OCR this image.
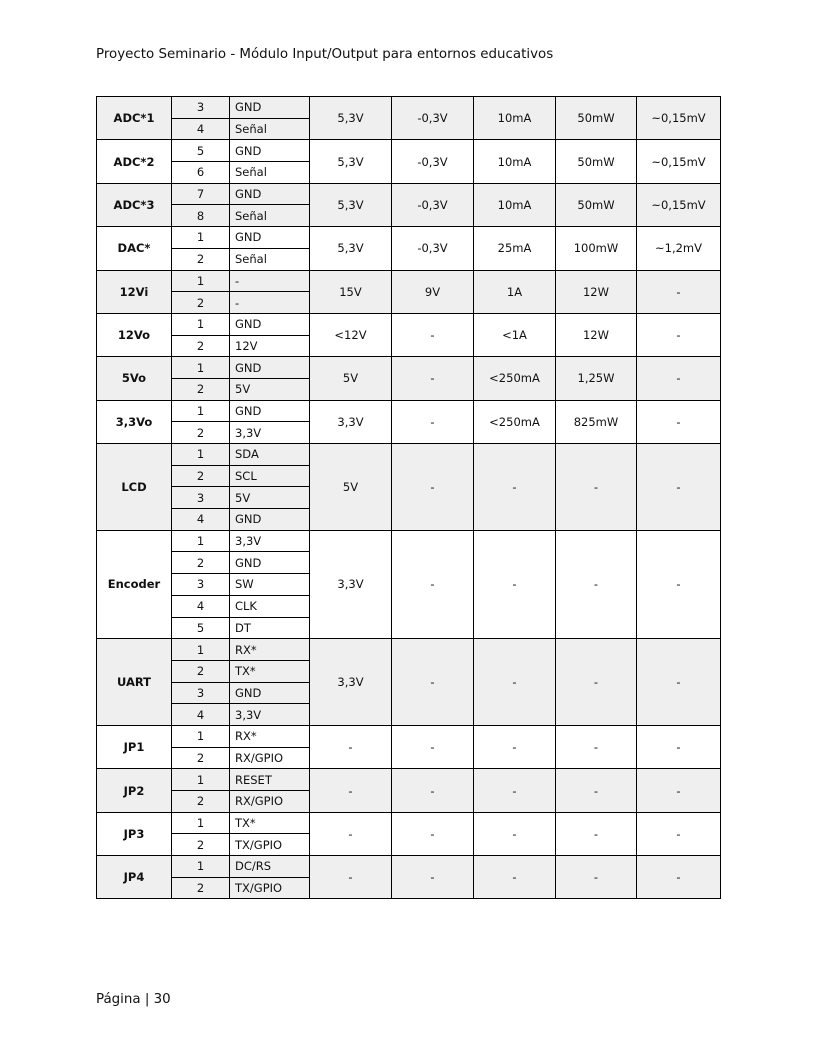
Proyecto Seminario - Módulo Input/Output para entornos educativos
ADC*1	3	GND	5,3V	-0,3V	10mA	50mW	~0,15mV
	4	Señal					
ADC*2	5	GND	5,3V	-0,3V	10mA	50mW	~0,15mV
	6	Señal					
ADC*3	7	GND	5,3V	-0,3V	10mA	50mW	~0,15mV
	8	Señal					
DAC*	1	GND	5,3V	-0,3V	25mA	100mW	~1,2mV
	2	Señal					
12Vi	1	-	15V	9V	1A	12W	-
	2	-					
12Vo	1	GND	<12V	-	<1A	12W	-
	2	12V					
5Vo	1	GND	5V	-	<250mA	1,25W	-
	2	5V					
3,3Vo	1	GND	3,3V	-	<250mA	825mW	-
	2	3,3V					
LCD	1	SDA	5V	-	-	-	-
	2	SCL					
	3	5V					
	4	GND					
Encoder	1	3,3V	3,3V	-	-	-	-
	2	GND					
	3	SW					
	4	CLK					
	5	DT					
UART	1	RX*	3,3V	-	-	-	-
	2	TX*					
	3	GND					
	4	3,3V					
JP1	1	RX*	-	-	-	-	-
	2	RX/GPIO					
JP2	1	RESET	-	-	-	-	-
	2	RX/GPIO					
JP3	1	TX*	-	-	-	-	-
	2	TX/GPIO					
JP4	1	DC/RS	-	-	-	-	-
	2	TX/GPIO					
Página | 30
